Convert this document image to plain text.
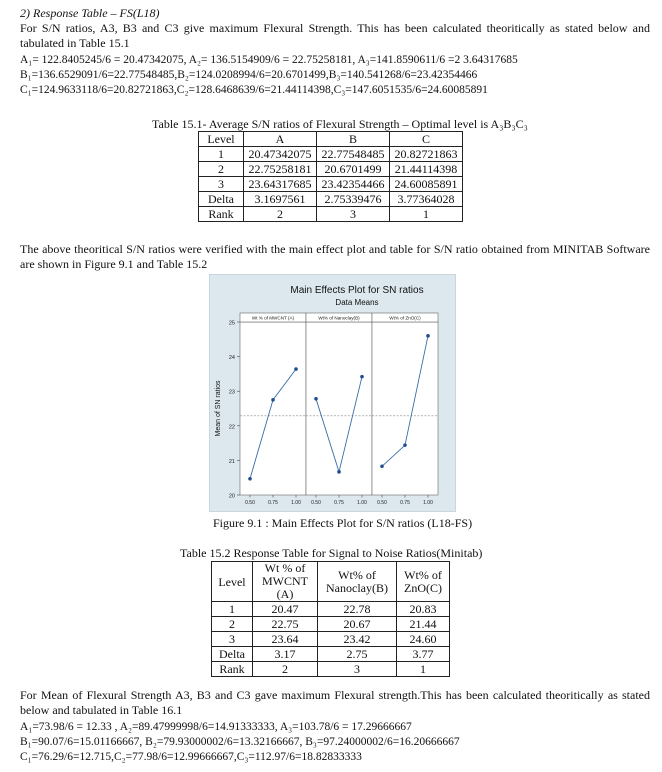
2) Response Table – FS(L18)
For S/N ratios, A3, B3 and C3 give maximum Flexural Strength. This has been calculated theoritically as stated below and tabulated in Table 15.1
A₁= 122.8405245/6 = 20.47342075, A₂= 136.5154909/6 = 22.75258181, A₃=141.8590611/6 =2 3.64317685
B₁=136.6529091/6=22.77548485,B₂=124.0208994/6=20.6701499,B₃=140.541268/6=23.42354466
C₁=124.9633118/6=20.82721863,C₂=128.6468639/6=21.44114398,C₃=147.6051535/6=24.60085891
Table 15.1- Average S/N ratios of Flexural Strength – Optimal level is A₃B₃C₃
Level	A	B	C
1	20.47342075	22.77548485	20.82721863
2	22.75258181	20.6701499	21.44114398
3	23.64317685	23.42354466	24.60085891
Delta	3.1697561	2.75339476	3.77364028
Rank	2	3	1
The above theoritical S/N ratios were verified with the main effect plot and table for S/N ratio obtained from MINITAB Software are shown in Figure 9.1 and Table 15.2
Main Effects Plot for SN ratios
Data Means
Mean of SN ratios
20
21
22
23
24
25
Wt % of MWCNT (A)
0.50	0.75	1.00
Wt% of Nanoclay(B)
0.50	0.75	1.00
Wt% of ZnO(C)
0.50	0.75	1.00
Figure 9.1 : Main Effects Plot for S/N ratios (L18-FS)
Table 15.2 Response Table for Signal to Noise Ratios(Minitab)
Level	Wt % of MWCNT (A)	Wt% of Nanoclay(B)	Wt% of ZnO(C)
1	20.47	22.78	20.83
2	22.75	20.67	21.44
3	23.64	23.42	24.60
Delta	3.17	2.75	3.77
Rank	2	3	1
For Mean of Flexural Strength A3, B3 and C3 gave maximum Flexural strength.This has been calculated theoritically as stated below and tabulated in Table 16.1
A₁=73.98/6 = 12.33 , A₂=89.47999998/6=14.91333333, A₃=103.78/6 = 17.29666667
B₁=90.07/6=15.01166667, B₂=79.93000002/6=13.32166667, B₃=97.24000002/6=16.20666667
C₁=76.29/6=12.715,C₂=77.98/6=12.99666667,C₃=112.97/6=18.82833333
